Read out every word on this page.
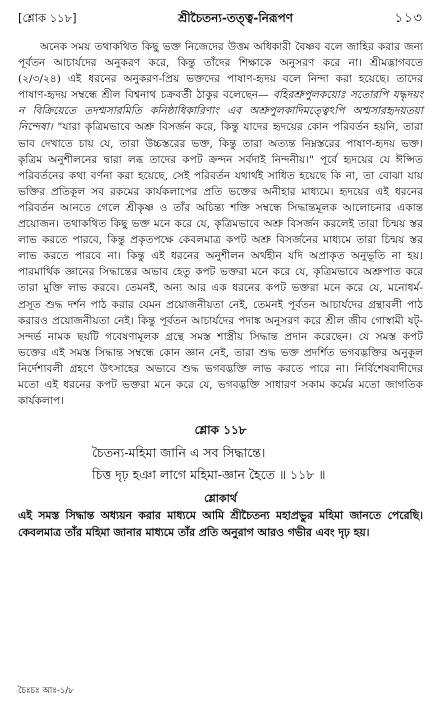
[শ্লোক ১১৮]	শ্রীচৈতন্য-তত্ত্ব-নিরূপণ	১১৩
অনেক সময় তথাকথিত কিছু ভক্ত নিজেদের উত্তম অধিকারী বৈষ্ণব বলে জাহির করার জন্য পূর্বতন আচার্যদের অনুকরণ করে, কিন্তু তাঁদের শিক্ষাকে অনুসরণ করে না। শ্রীমদ্ভাগবতে (২/৩/২৪) এই ধরনের অনুকরণ-প্রিয় ভক্তদের পাষাণ-হৃদয় বলে নিন্দা করা হয়েছে। তাদের পাষাণ-হৃদয় সম্বন্ধে শ্রীল বিশ্বনাথ চক্রবর্তী ঠাকুর বলেছেন— বহিরশ্রুপুলকয়োঃ সতোরপি যদ্ধৃদয়ং ন বিক্রিয়েতে তদশ্মসারমিতি কনিষ্ঠাধিকারিণাং এব অশ্রুপুলকাদিমত্ত্বেঽপি অশ্মসারহৃদয়তয়া নিন্দেষা। "যারা কৃত্রিমভাবে অশ্রু বিসর্জন করে, কিন্তু যাদের হৃদয়ের কোন পরিবর্তন হয়নি, তারা ভাব দেখাতে চায় যে, তারা উচ্চস্তরের ভক্ত, কিন্তু তারা অত্যন্ত নিম্নস্তরের পাষাণ-হৃদয় ভক্ত। কৃত্রিম অনুশীলনের দ্বারা লব্ধ তাদের কপট ক্রন্দন সর্বদাই নিন্দনীয়।" পূর্বে হৃদয়ের যে ঈপ্সিত পরিবর্তনের কথা বর্ণনা করা হয়েছে, সেই পরিবর্তন যথার্থই সাধিত হয়েছে কি না, তা বোঝা যায় ভক্তির প্রতিকূল সব রকমের কার্যকলাপের প্রতি ভক্তের অনীহার মাধ্যমে। হৃদয়ের এই ধরনের পরিবর্তন আনতে গেলে শ্রীকৃষ্ণ ও তাঁর অচিন্ত্য শক্তি সম্বন্ধে সিদ্ধান্তমূলক আলোচনার একান্ত প্রয়োজন। তথাকথিত কিছু ভক্ত মনে করে যে, কৃত্রিমভাবে অশ্রু বিসর্জন করলেই তারা চিন্ময় স্তর লাভ করতে পারবে, কিন্তু প্রকৃতপক্ষে কেবলমাত্র কপট অশ্রু বিসর্জনের মাধ্যমে তারা চিন্ময় স্তর লাভ করতে পারবে না। কিন্তু এই ধরনের অনুশীলন অর্থহীন যদি অপ্রাকৃত অনুভূতি না হয়। পারমার্থিক জ্ঞানের সিদ্ধান্তের অভাব হেতু কপট ভক্তরা মনে করে যে, কৃত্রিমভাবে অশ্রুপাত করে তারা মুক্তি লাভ করবে। তেমনই, অন্য আর এক ধরনের কপট ভক্তরা মনে করে যে, মনোধর্ম-প্রসূত শুদ্ধ দর্শন পাঠ করার যেমন প্রয়োজনীয়তা নেই, তেমনই পূর্বতন আচার্যদের গ্রন্থাবলী পাঠ করারও প্রয়োজনীয়তা নেই। কিন্তু পূর্বতন আচার্যদের পদাঙ্ক অনুসরণ করে শ্রীল জীব গোস্বামী ষট্‌-সন্দর্ভ নামক ছয়টি গবেষণামূলক গ্রন্থে সমস্ত শাস্ত্রীয় সিদ্ধান্ত প্রদান করেছেন। যে সমস্ত কপট ভক্তের এই সমস্ত সিদ্ধান্ত সম্বন্ধে কোন জ্ঞান নেই, তারা শুদ্ধ ভক্ত প্রদর্শিত ভগবদ্ভক্তির অনুকূল নির্দেশাবলী গ্রহণে উৎসাহের অভাবে শুদ্ধ ভগবদ্ভক্তি লাভ করতে পারে না। নির্বিশেষবাদীদের মতো এই ধরনের কপট ভক্তরা মনে করে যে, ভগবদ্ভক্তি সাধারণ সকাম কর্মের মতো জাগতিক কার্যকলাপ।
শ্লোক ১১৮
চৈতন্য-মহিমা জানি এ সব সিদ্ধান্তে।
চিত্ত দৃঢ় হঞা লাগে মহিমা-জ্ঞান হৈতে ॥ ১১৮ ॥
শ্লোকার্থ
এই সমস্ত সিদ্ধান্ত অধ্যয়ন করার মাধ্যমে আমি শ্রীচৈতন্য মহাপ্রভুর মহিমা জানতে পেরেছি। কেবলমাত্র তাঁর মহিমা জানার মাধ্যমে তাঁর প্রতি অনুরাগ আরও গভীর এবং দৃঢ় হয়।
চৈঃচঃ আঃ-১/৮
